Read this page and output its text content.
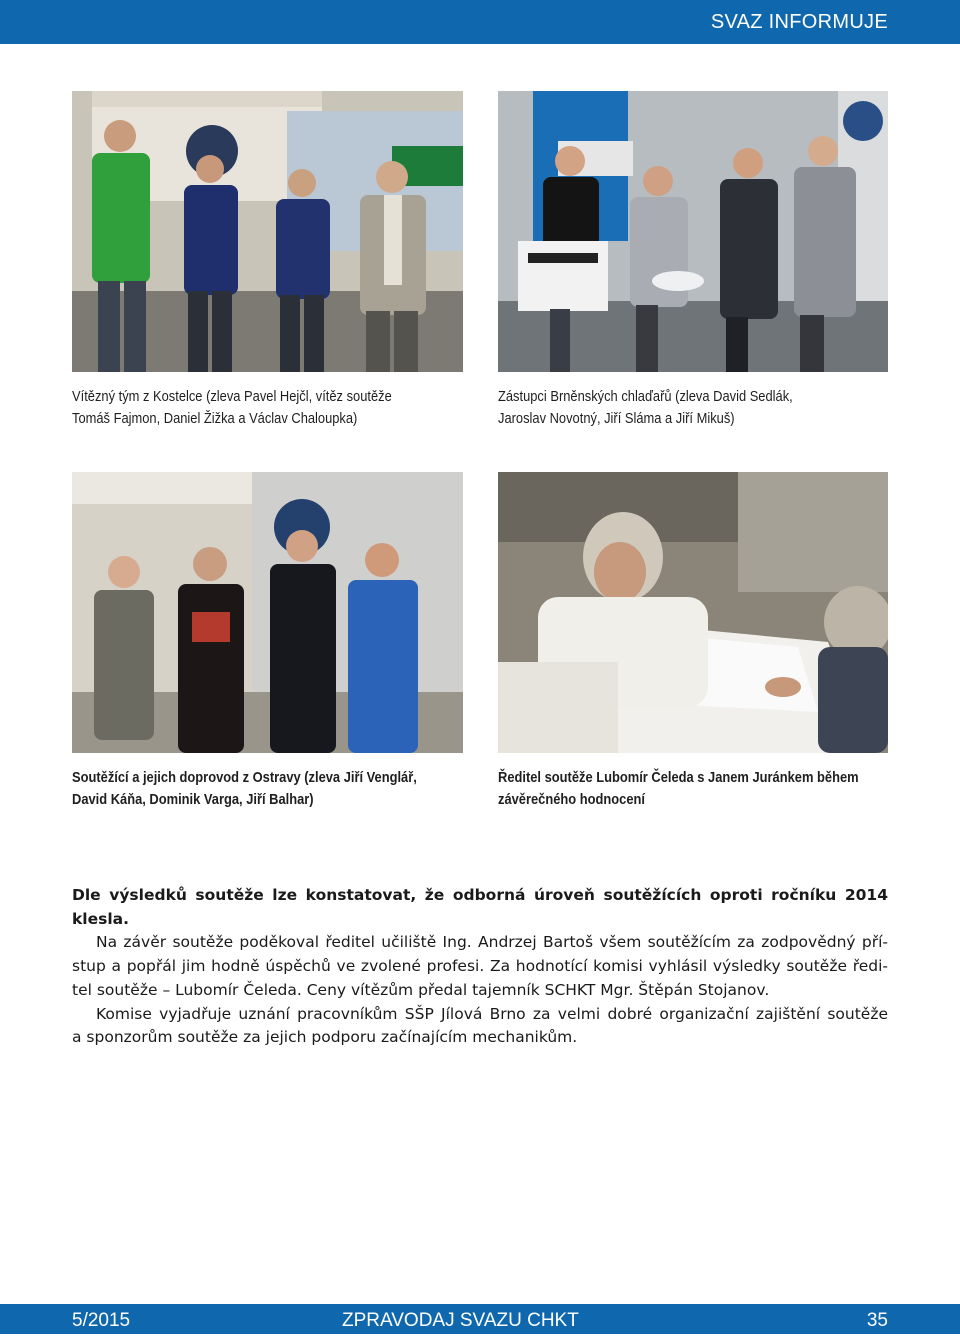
SVAZ INFORMUJE
Vítězný tým z Kostelce (zleva Pavel Hejčl, vítěz soutěže
Tomáš Fajmon, Daniel Žižka a Václav Chaloupka)
Zástupci Brněnských chlaďařů (zleva David Sedlák,
Jaroslav Novotný, Jiří Sláma a Jiří Mikuš)
Soutěžící a jejich doprovod z Ostravy (zleva Jiří Venglář,
David Káňa, Dominik Varga, Jiří Balhar)
Ředitel soutěže Lubomír Čeleda s Janem Juránkem během
závěrečného hodnocení
Dle výsledků soutěže lze konstatovat, že odborná úroveň soutěžících oproti ročníku 2014
klesla.
Na závěr soutěže poděkoval ředitel učiliště Ing. Andrzej Bartoš všem soutěžícím za zodpovědný pří-
stup a popřál jim hodně úspěchů ve zvolené profesi. Za hodnotící komisi vyhlásil výsledky soutěže ředi-
tel soutěže – Lubomír Čeleda. Ceny vítězům předal tajemník SCHKT Mgr. Štěpán Stojanov.
Komise vyjadřuje uznání pracovníkům SŠP Jílová Brno za velmi dobré organizační zajištění soutěže
a sponzorům soutěže za jejich podporu začínajícím mechanikům.
5/2015	ZPRAVODAJ SVAZU CHKT	35
